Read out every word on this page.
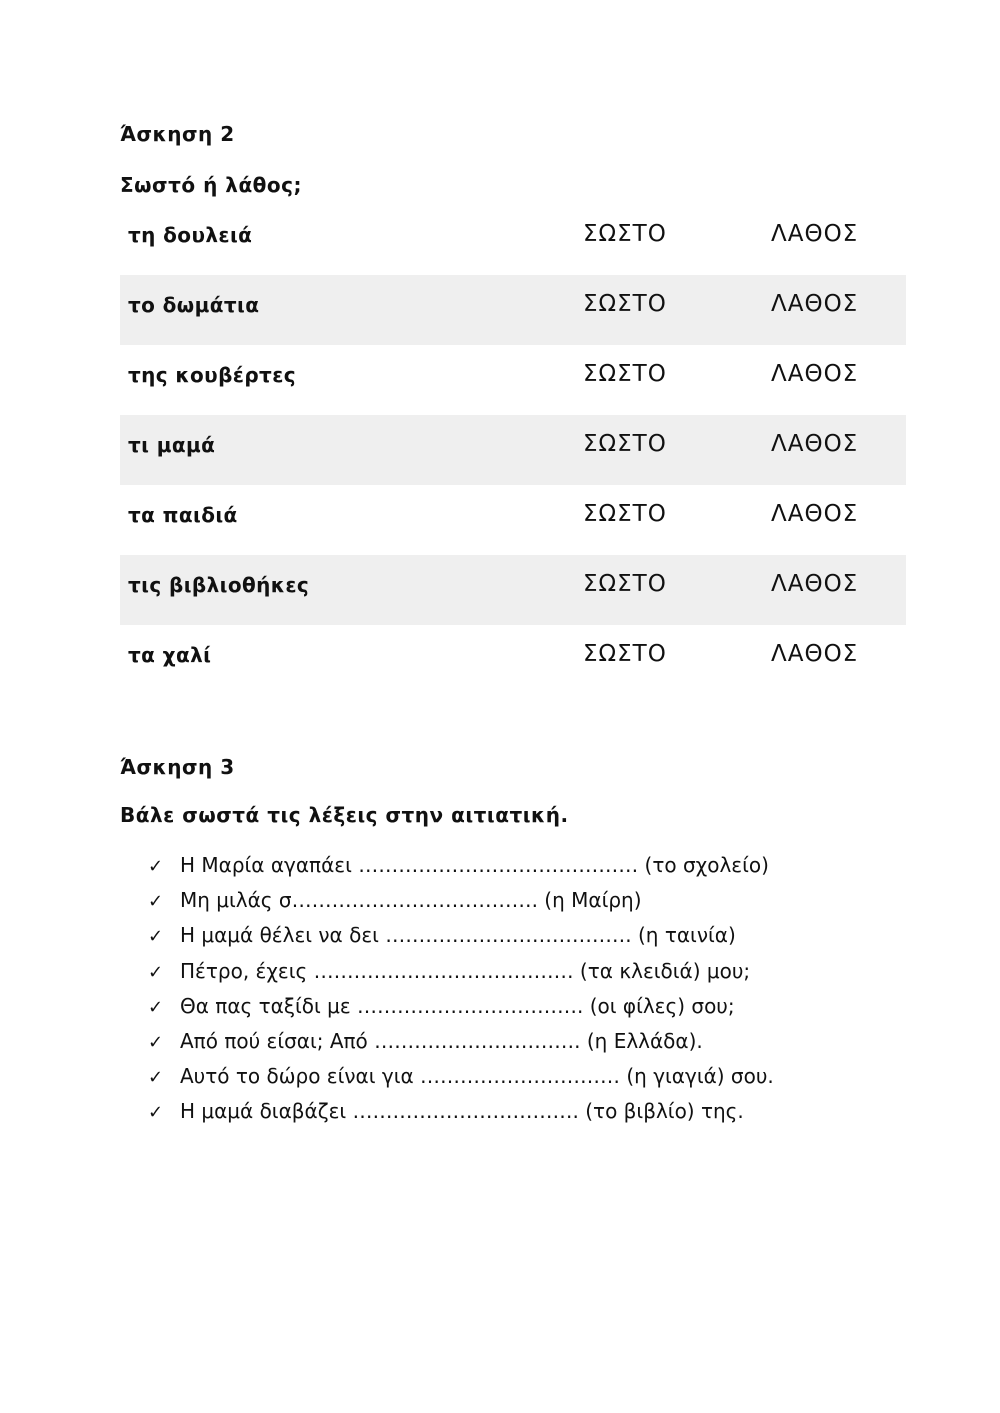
Άσκηση 2
Σωστό ή λάθος;
τη δουλειά	ΣΩΣΤΟ	ΛΑΘΟΣ
το δωμάτια	ΣΩΣΤΟ	ΛΑΘΟΣ
της κουβέρτες	ΣΩΣΤΟ	ΛΑΘΟΣ
τι μαμά	ΣΩΣΤΟ	ΛΑΘΟΣ
τα παιδιά	ΣΩΣΤΟ	ΛΑΘΟΣ
τις βιβλιοθήκες	ΣΩΣΤΟ	ΛΑΘΟΣ
τα χαλί	ΣΩΣΤΟ	ΛΑΘΟΣ
Άσκηση 3
Βάλε σωστά τις λέξεις στην αιτιατική.
✓ Η Μαρία αγαπάει …………………………………… (το σχολείο)
✓ Μη μιλάς σ………………………………. (η Μαίρη)
✓ Η μαμά θέλει να δει ………………………………. (η ταινία)
✓ Πέτρο, έχεις ………………………………… (τα κλειδιά) μου;
✓ Θα πας ταξίδι με ……………………………. (οι φίλες) σου;
✓ Από πού είσαι; Από …………………………. (η Ελλάδα).
✓ Αυτό το δώρο είναι για ………………………… (η γιαγιά) σου.
✓ Η μαμά διαβάζει ……………………………. (το βιβλίο) της.
